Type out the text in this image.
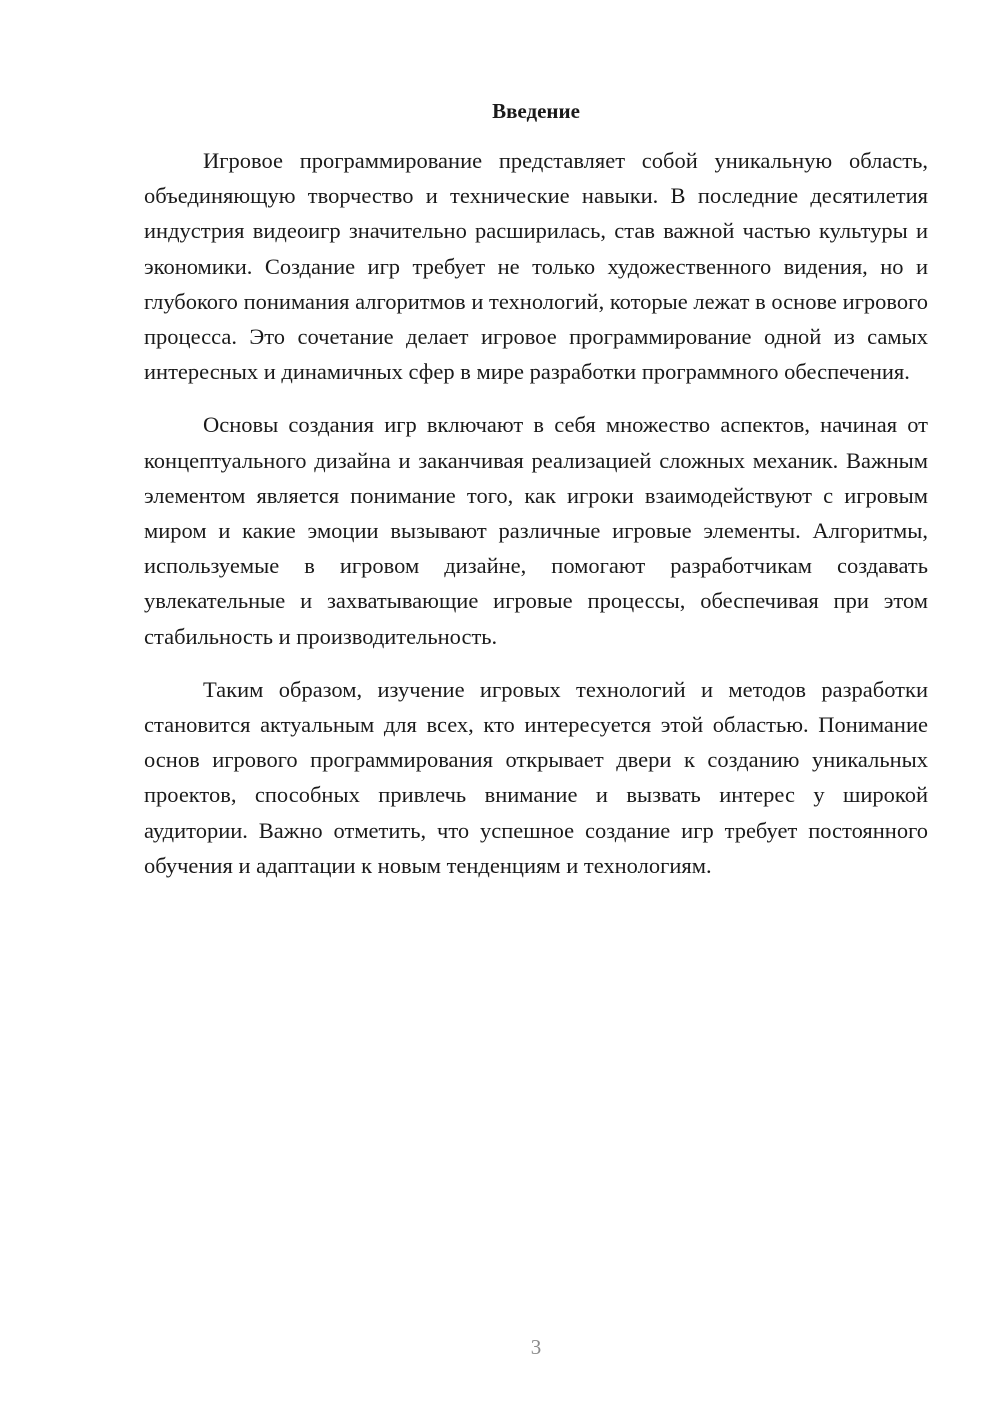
Введение

Игровое программирование представляет собой уникальную область, объединяющую творчество и технические навыки. В последние десятилетия индустрия видеоигр значительно расширилась, став важной частью культуры и экономики. Создание игр требует не только художественного видения, но и глубокого понимания алгоритмов и технологий, которые лежат в основе игрового процесса. Это сочетание делает игровое программирование одной из самых интересных и динамичных сфер в мире разработки программного обеспечения.

Основы создания игр включают в себя множество аспектов, начиная от концептуального дизайна и заканчивая реализацией сложных механик. Важным элементом является понимание того, как игроки взаимодействуют с игровым миром и какие эмоции вызывают различные игровые элементы. Алгоритмы, используемые в игровом дизайне, помогают разработчикам создавать увлекательные и захватывающие игровые процессы, обеспечивая при этом стабильность и производительность.

Таким образом, изучение игровых технологий и методов разработки становится актуальным для всех, кто интересуется этой областью. Понимание основ игрового программирования открывает двери к созданию уникальных проектов, способных привлечь внимание и вызвать интерес у широкой аудитории. Важно отметить, что успешное создание игр требует постоянного обучения и адаптации к новым тенденциям и технологиям.

3
